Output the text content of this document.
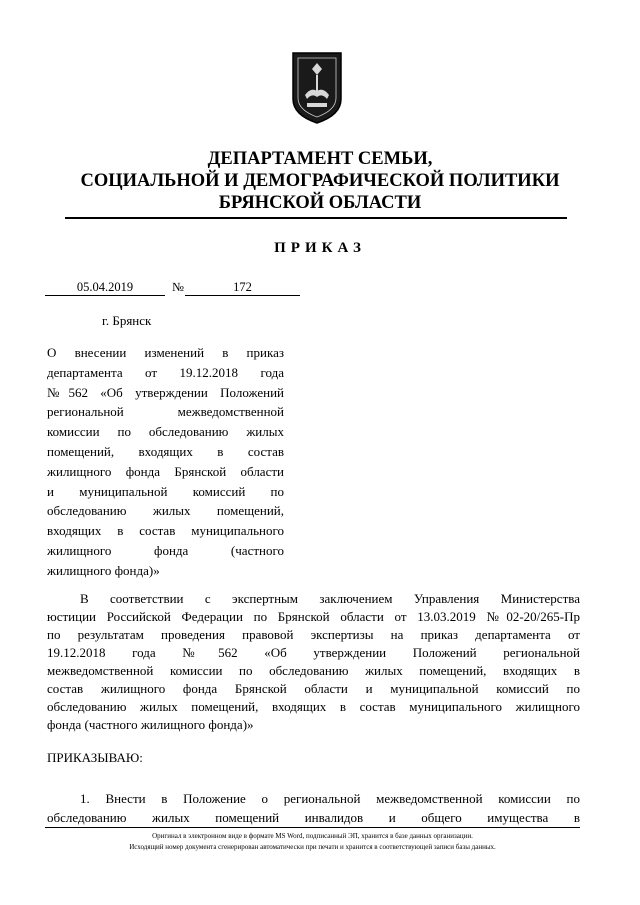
ДЕПАРТАМЕНТ СЕМЬИ,
СОЦИАЛЬНОЙ И ДЕМОГРАФИЧЕСКОЙ ПОЛИТИКИ
БРЯНСКОЙ ОБЛАСТИ
ПРИКАЗ
05.04.2019	№	172
г. Брянск
О внесении изменений в приказ
департамента от 19.12.2018 года
№562 «Об утверждении Положений
региональной межведомственной
комиссии по обследованию жилых
помещений, входящих в состав
жилищного фонда Брянской области
и муниципальной комиссий по
обследованию жилых помещений,
входящих в состав муниципального
жилищного фонда (частного
жилищного фонда)»
В соответствии с экспертным заключением Управления Министерства
юстиции Российской Федерации по Брянской области от 13.03.2019 №02-20/265-Пр
по результатам проведения правовой экспертизы на приказ департамента от
19.12.2018 года №562 «Об утверждении Положений региональной
межведомственной комиссии по обследованию жилых помещений, входящих в
состав жилищного фонда Брянской области и муниципальной комиссий по
обследованию жилых помещений, входящих в состав муниципального жилищного
фонда (частного жилищного фонда)»
ПРИКАЗЫВАЮ:
1. Внести в Положение о региональной межведомственной комиссии по
обследованию жилых помещений инвалидов и общего имущества в
Оригинал в электронном виде в формате MS Word, подписанный ЭП, хранится в базе данных организации.
Исходящий номер документа сгенерирован автоматически при печати и хранится в соответствующей записи базы данных.
